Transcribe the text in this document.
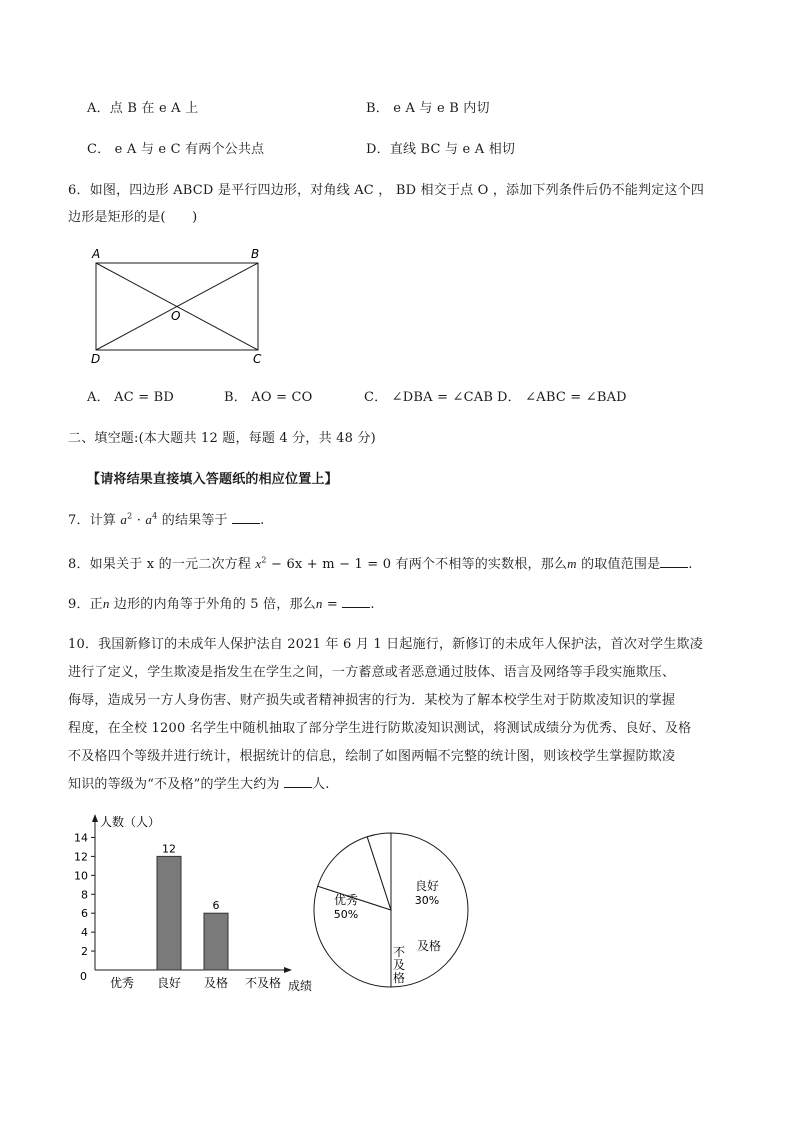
A．点 B 在 e A 上	B． e A 与 e B 内切
C． e A 与 e C 有两个公共点	D．直线 BC 与 e A 相切
6．如图，四边形 ABCD 是平行四边形，对角线 AC ， BD 相交于点 O ，添加下列条件后仍不能判定这个四
边形是矩形的是(　　)
A	B
C
D
O
A． AC = BD	B． AO = CO	C． ∠DBA = ∠CAB D． ∠ABC = ∠BAD
二、填空题:(本大题共 12 题，每题 4 分，共 48 分)
【请将结果直接填入答题纸的相应位置上】
7．计算 $a^2 \cdot a^4$ 的结果等于 .
8．如果关于 x 的一元二次方程 $x^2 - 6x + m - 1 = 0$ 有两个不相等的实数根，那么m 的取值范围是 .
9．正n 边形的内角等于外角的 5 倍，那么n = .
10．我国新修订的未成年人保护法自 2021 年 6 月 1 日起施行，新修订的未成年人保护法，首次对学生欺凌
进行了定义，学生欺凌是指发生在学生之间，一方蓄意或者恶意通过肢体、语言及网络等手段实施欺压、
侮辱，造成另一方人身伤害、财产损失或者精神损害的行为．某校为了解本校学生对于防欺凌知识的掌握
程度，在全校 1200 名学生中随机抽取了部分学生进行防欺凌知识测试，将测试成绩分为优秀、良好、及格
不及格四个等级并进行统计，根据统计的信息，绘制了如图两幅不完整的统计图，则该校学生掌握防欺凌
知识的等级为“不及格”的学生大约为 人.
人数（人）
成绩
0
2
4
6
8
10
12
14
12
6
优秀 良好 及格 不及格
优秀
50%
良好
30%
及格
不
及
格
